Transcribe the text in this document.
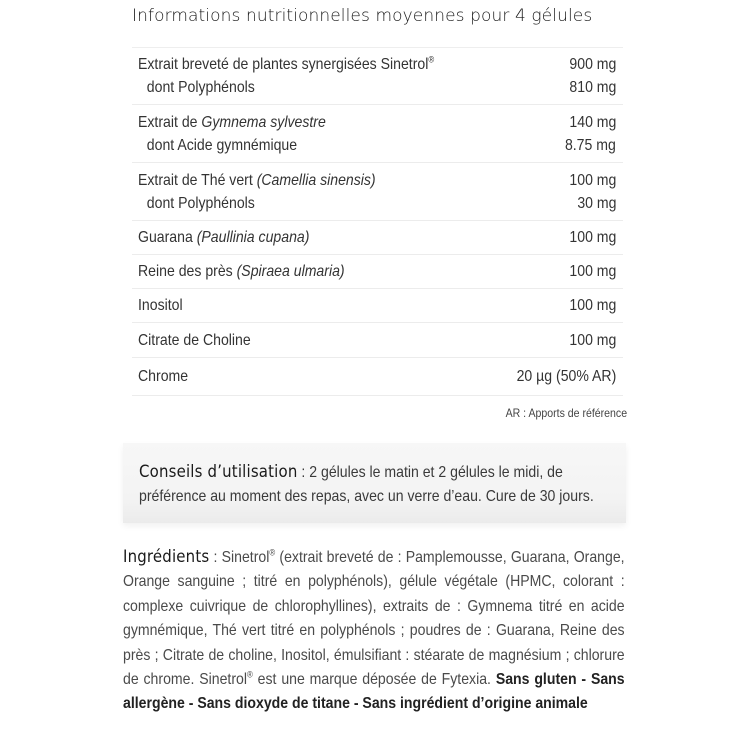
Informations nutritionnelles moyennes pour 4 gélules
Extrait breveté de plantes synergisées Sinetrol®	900 mg
dont Polyphénols	810 mg
Extrait de Gymnema sylvestre	140 mg
dont Acide gymnémique	8.75 mg
Extrait de Thé vert (Camellia sinensis)	100 mg
dont Polyphénols	30 mg
Guarana (Paullinia cupana)	100 mg
Reine des près (Spiraea ulmaria)	100 mg
Inositol	100 mg
Citrate de Choline	100 mg
Chrome	20 µg (50% AR)
AR : Apports de référence
Conseils d’utilisation : 2 gélules le matin et 2 gélules le midi, de préférence au moment des repas, avec un verre d’eau. Cure de 30 jours.
Ingrédients : Sinetrol® (extrait breveté de : Pamplemousse, Guarana, Orange, Orange sanguine ; titré en polyphénols), gélule végétale (HPMC, colorant : complexe cuivrique de chlorophyllines), extraits de : Gymnema titré en acide gymnémique, Thé vert titré en polyphénols ; poudres de : Guarana, Reine des près ; Citrate de choline, Inositol, émulsifiant : stéarate de magnésium ; chlorure de chrome. Sinetrol® est une marque déposée de Fytexia. Sans gluten - Sans allergène - Sans dioxyde de titane - Sans ingrédient d’origine animale
